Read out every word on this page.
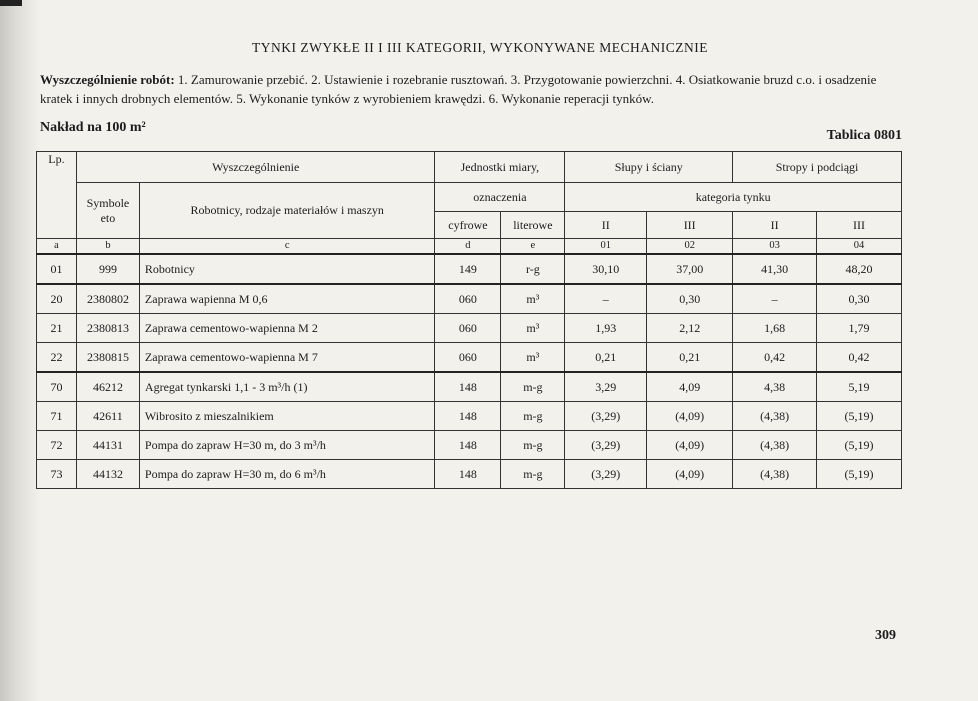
TYNKI ZWYKŁE II I III KATEGORII, WYKONYWANE MECHANICZNIE
Wyszczególnienie robót: 1. Zamurowanie przebić. 2. Ustawienie i rozebranie rusztowań. 3. Przygotowanie powierzchni. 4. Osiatkowanie bruzd c.o. i osadzenie kratek i innych drobnych elementów. 5. Wykonanie tynków z wyrobieniem krawędzi. 6. Wykonanie reperacji tynków.
Nakład na 100 m²
Tablica 0801
Lp.	Wyszczególnienie		Jednostki miary,		Słupy i ściany		Stropy i podciągi	
	Symbole eto	Robotnicy, rodzaje materiałów i maszyn	oznaczenia		kategoria tynku			
			cyfrowe	literowe	II	III	II	III
a	b	c	d	e	01	02	03	04
01	999	Robotnicy	149	r-g	30,10	37,00	41,30	48,20
20	2380802	Zaprawa wapienna M 0,6	060	m³	–	0,30	–	0,30
21	2380813	Zaprawa cementowo-wapienna M 2	060	m³	1,93	2,12	1,68	1,79
22	2380815	Zaprawa cementowo-wapienna M 7	060	m³	0,21	0,21	0,42	0,42
70	46212	Agregat tynkarski 1,1 - 3 m³/h (1)	148	m-g	3,29	4,09	4,38	5,19
71	42611	Wibrosito z mieszalnikiem	148	m-g	(3,29)	(4,09)	(4,38)	(5,19)
72	44131	Pompa do zapraw H=30 m, do 3 m³/h	148	m-g	(3,29)	(4,09)	(4,38)	(5,19)
73	44132	Pompa do zapraw H=30 m, do 6 m³/h	148	m-g	(3,29)	(4,09)	(4,38)	(5,19)
309
